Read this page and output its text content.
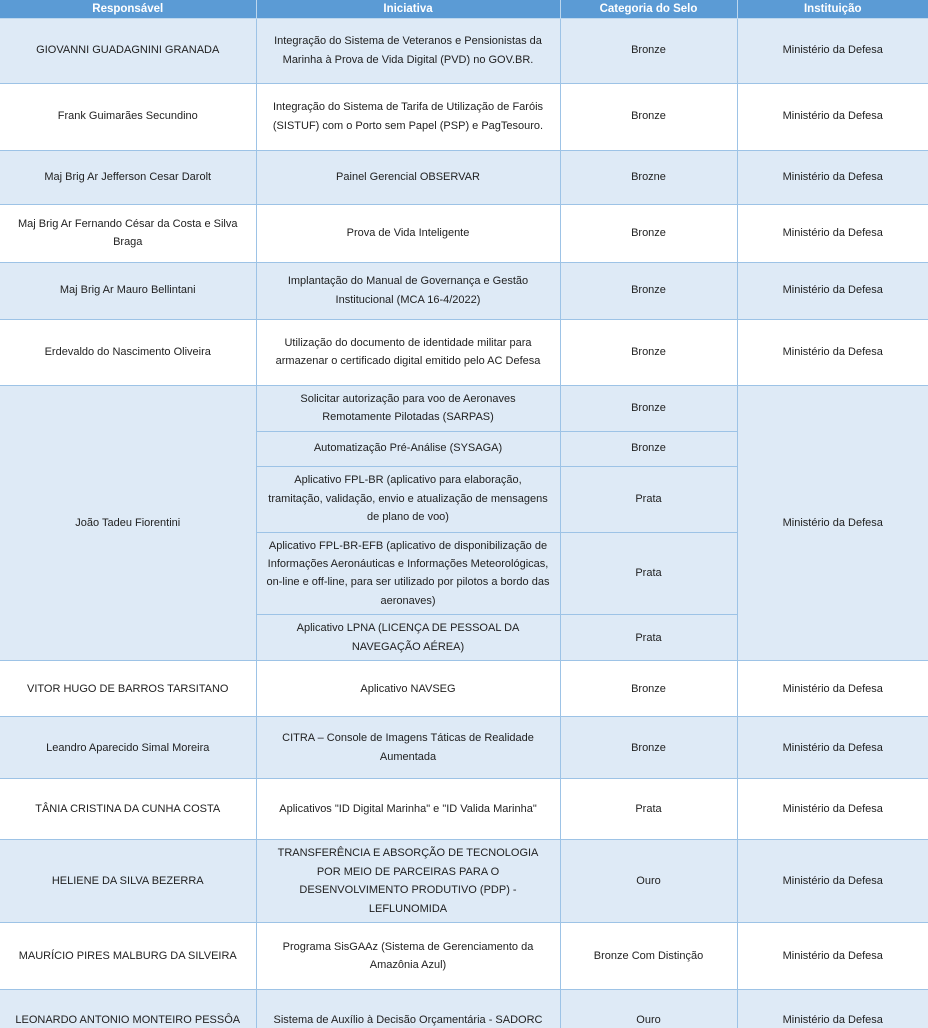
Responsável	Iniciativa	Categoria do Selo	Instituição
GIOVANNI GUADAGNINI GRANADA	Integração do Sistema de Veteranos e Pensionistas da Marinha à Prova de Vida Digital (PVD) no GOV.BR.	Bronze	Ministério da Defesa
Frank Guimarães Secundino	Integração do Sistema de Tarifa de Utilização de Faróis (SISTUF) com o Porto sem Papel (PSP) e PagTesouro.	Bronze	Ministério da Defesa
Maj Brig Ar Jefferson Cesar Darolt	Painel Gerencial OBSERVAR	Brozne	Ministério da Defesa
Maj Brig Ar Fernando César da Costa e Silva Braga	Prova de Vida Inteligente	Bronze	Ministério da Defesa
Maj Brig Ar Mauro Bellintani	Implantação do Manual de Governança e Gestão Institucional (MCA 16-4/2022)	Bronze	Ministério da Defesa
Erdevaldo do Nascimento Oliveira	Utilização do documento de identidade militar para armazenar o certificado digital emitido pelo AC Defesa	Bronze	Ministério da Defesa
João Tadeu Fiorentini	Solicitar autorização para voo de Aeronaves Remotamente Pilotadas (SARPAS)	Bronze	Ministério da Defesa
	Automatização Pré-Análise (SYSAGA)	Bronze	
	Aplicativo FPL-BR (aplicativo para elaboração, tramitação, validação, envio e atualização de mensagens de plano de voo)	Prata	
	Aplicativo FPL-BR-EFB (aplicativo de disponibilização de Informações Aeronáuticas e Informações Meteorológicas, on-line e off-line, para ser utilizado por pilotos a bordo das aeronaves)	Prata	
	Aplicativo LPNA (LICENÇA DE PESSOAL DA NAVEGAÇÃO AÉREA)	Prata	
VITOR HUGO DE BARROS TARSITANO	Aplicativo NAVSEG	Bronze	Ministério da Defesa
Leandro Aparecido Simal Moreira	CITRA – Console de Imagens Táticas de Realidade Aumentada	Bronze	Ministério da Defesa
TÂNIA CRISTINA DA CUNHA COSTA	Aplicativos "ID Digital Marinha" e "ID Valida Marinha"	Prata	Ministério da Defesa
HELIENE DA SILVA BEZERRA	TRANSFERÊNCIA E ABSORÇÃO DE TECNOLOGIA POR MEIO DE PARCEIRAS PARA O DESENVOLVIMENTO PRODUTIVO (PDP) - LEFLUNOMIDA	Ouro	Ministério da Defesa
MAURÍCIO PIRES MALBURG DA SILVEIRA	Programa SisGAAz (Sistema de Gerenciamento da Amazônia Azul)	Bronze Com Distinção	Ministério da Defesa
LEONARDO ANTONIO MONTEIRO PESSÔA	Sistema de Auxílio à Decisão Orçamentária - SADORC	Ouro	Ministério da Defesa
